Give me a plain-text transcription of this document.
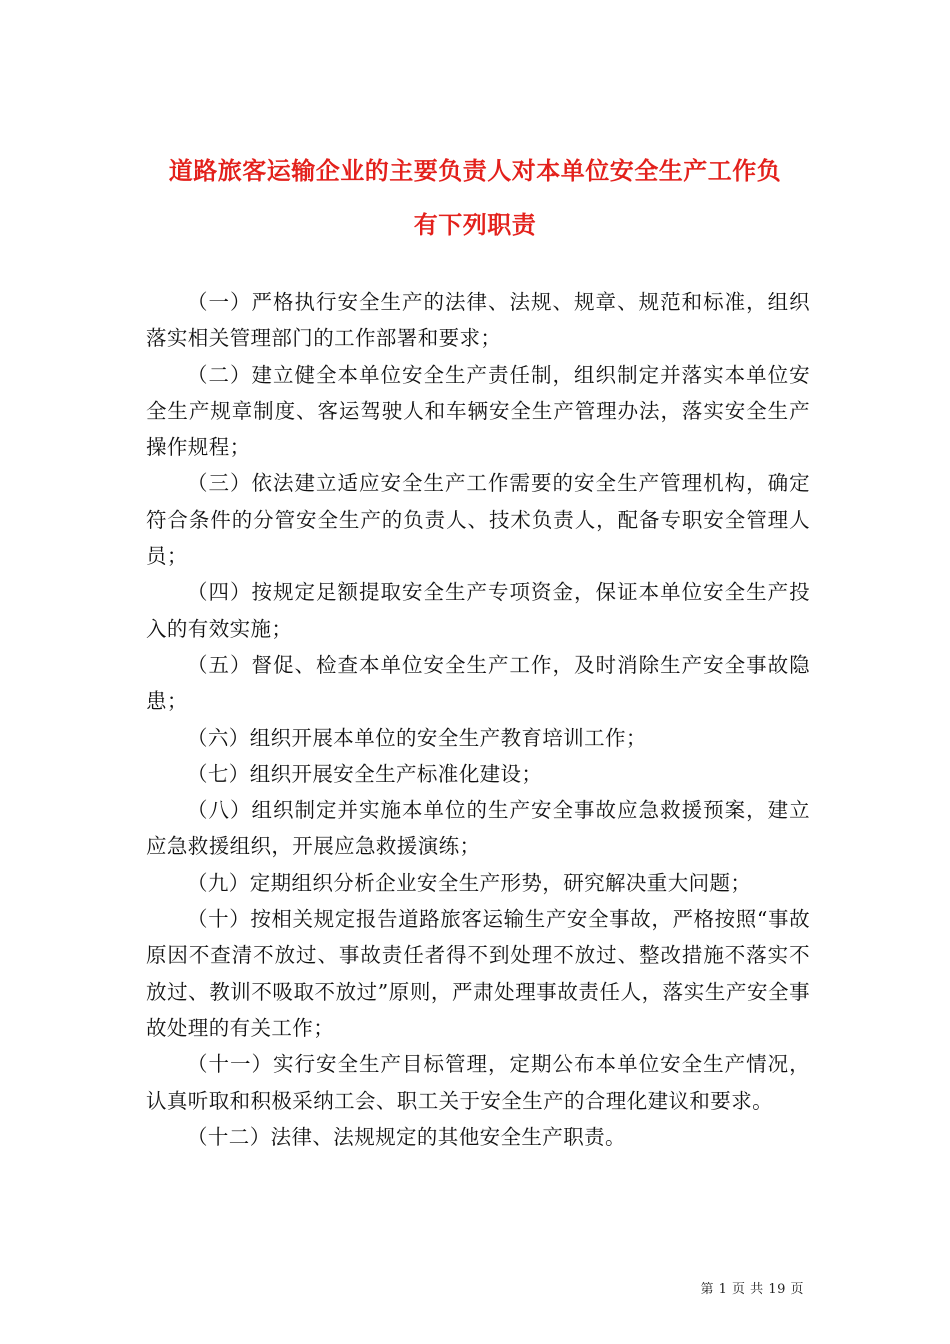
道路旅客运输企业的主要负责人对本单位安全生产工作负
有下列职责

（一）严格执行安全生产的法律、法规、规章、规范和标准，组织落实相关管理部门的工作部署和要求；

（二）建立健全本单位安全生产责任制，组织制定并落实本单位安全生产规章制度、客运驾驶人和车辆安全生产管理办法，落实安全生产操作规程；

（三）依法建立适应安全生产工作需要的安全生产管理机构，确定符合条件的分管安全生产的负责人、技术负责人，配备专职安全管理人员；

（四）按规定足额提取安全生产专项资金，保证本单位安全生产投入的有效实施；

（五）督促、检查本单位安全生产工作，及时消除生产安全事故隐患；

（六）组织开展本单位的安全生产教育培训工作；

（七）组织开展安全生产标准化建设；

（八）组织制定并实施本单位的生产安全事故应急救援预案，建立应急救援组织，开展应急救援演练；

（九）定期组织分析企业安全生产形势，研究解决重大问题；

（十）按相关规定报告道路旅客运输生产安全事故，严格按照“事故原因不查清不放过、事故责任者得不到处理不放过、整改措施不落实不放过、教训不吸取不放过”原则，严肃处理事故责任人，落实生产安全事故处理的有关工作；

（十一）实行安全生产目标管理，定期公布本单位安全生产情况，认真听取和积极采纳工会、职工关于安全生产的合理化建议和要求。

（十二）法律、法规规定的其他安全生产职责。

第 1 页 共 19 页
